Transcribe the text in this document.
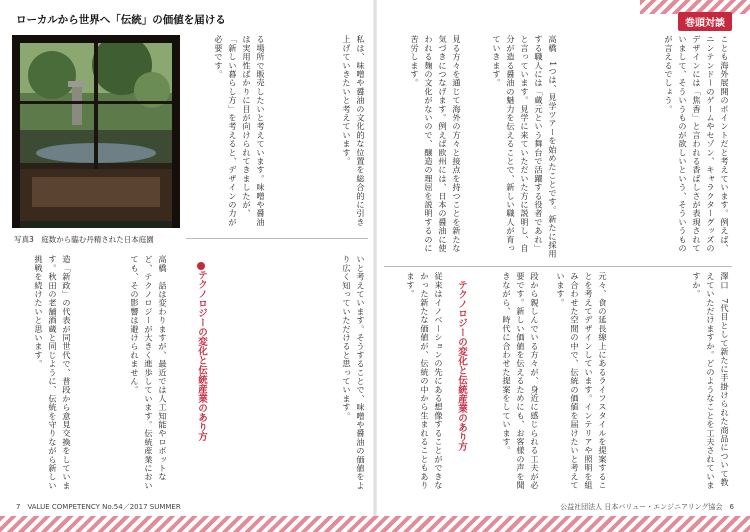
ローカルから世界へ「伝統」の価値を届ける	巻頭対談
写真3　庭数から臨む丹精された日本庭園
る場所で販売したいと考えています。味噌や醤油は実用性ばかりに目が向けられてきましたが、「新しい暮らし方」を考えると、デザインの力が必要です。	私は、味噌や醤油の文化的な位置を総合的に引き上げていきたいと考えています。
造「新政」の代表が同世代で、普段から意見交換をしています。秋田の老舗酒蔵と同じように、伝統を守りながら新しい挑戦を続けたいと思います。	高橋　話は変わりますが、最近では人工知能やロボットなど、テクノロジーが大きく進歩しています。伝統産業においても、その影響は避けられません。	テクノロジーの変化と伝統産業のあり方	いと考えています。そうすることで、味噌や醤油の価値をより広く知っていただけると思っています。
見る方々を通じて海外の方々と接点を持つことを新たな気づきにつなげます。例えば欧州には、日本の醤油に使われる麹の文化がないので、醸造の理屈を説明するのに苦労します。	高橋　1つは、見学ツアーを始めたことです。新たに採用する職人には「蔵元という舞台で活躍する役者であれ」と言っています。見学に来ていただいた方に説明し、自分が造る醤油の魅力を伝えることで、新しい職人が育っていきます。	ことも海外展開のポイントだと考えています。例えば、ニンテンドーのゲームやセゾン、キャラクターグッズのデザインには「焦香」と言われる香ばしさが表現されていまして、そういうものが欲しいという、そういうものが言えるでしょう。
従来はイノベーションの先にある想像することができなかった新たな価値が、伝統の中から生まれることもあります。	テクノロジーの変化と伝統産業のあり方	段から親しんでいる方々が、身近に感じられる工夫が必要です。新しい価値を伝えるためにも、お客様の声を聞きながら、時代に合わせた提案をしています。	元々、食の延長線上にあるライフスタイルを提案することを考えてデザインしています。インテリアや照明を組み合わせた空間の中で、伝統の価値を届けたいと考えています。	澤口　7代目として新たに手掛けられた商品について教えていただけますか。どのようなことを工夫されていますか。
7　VALUE COMPETENCY No.54／2017 SUMMER	公益社団法人 日本バリュー・エンジニアリング協会　6
